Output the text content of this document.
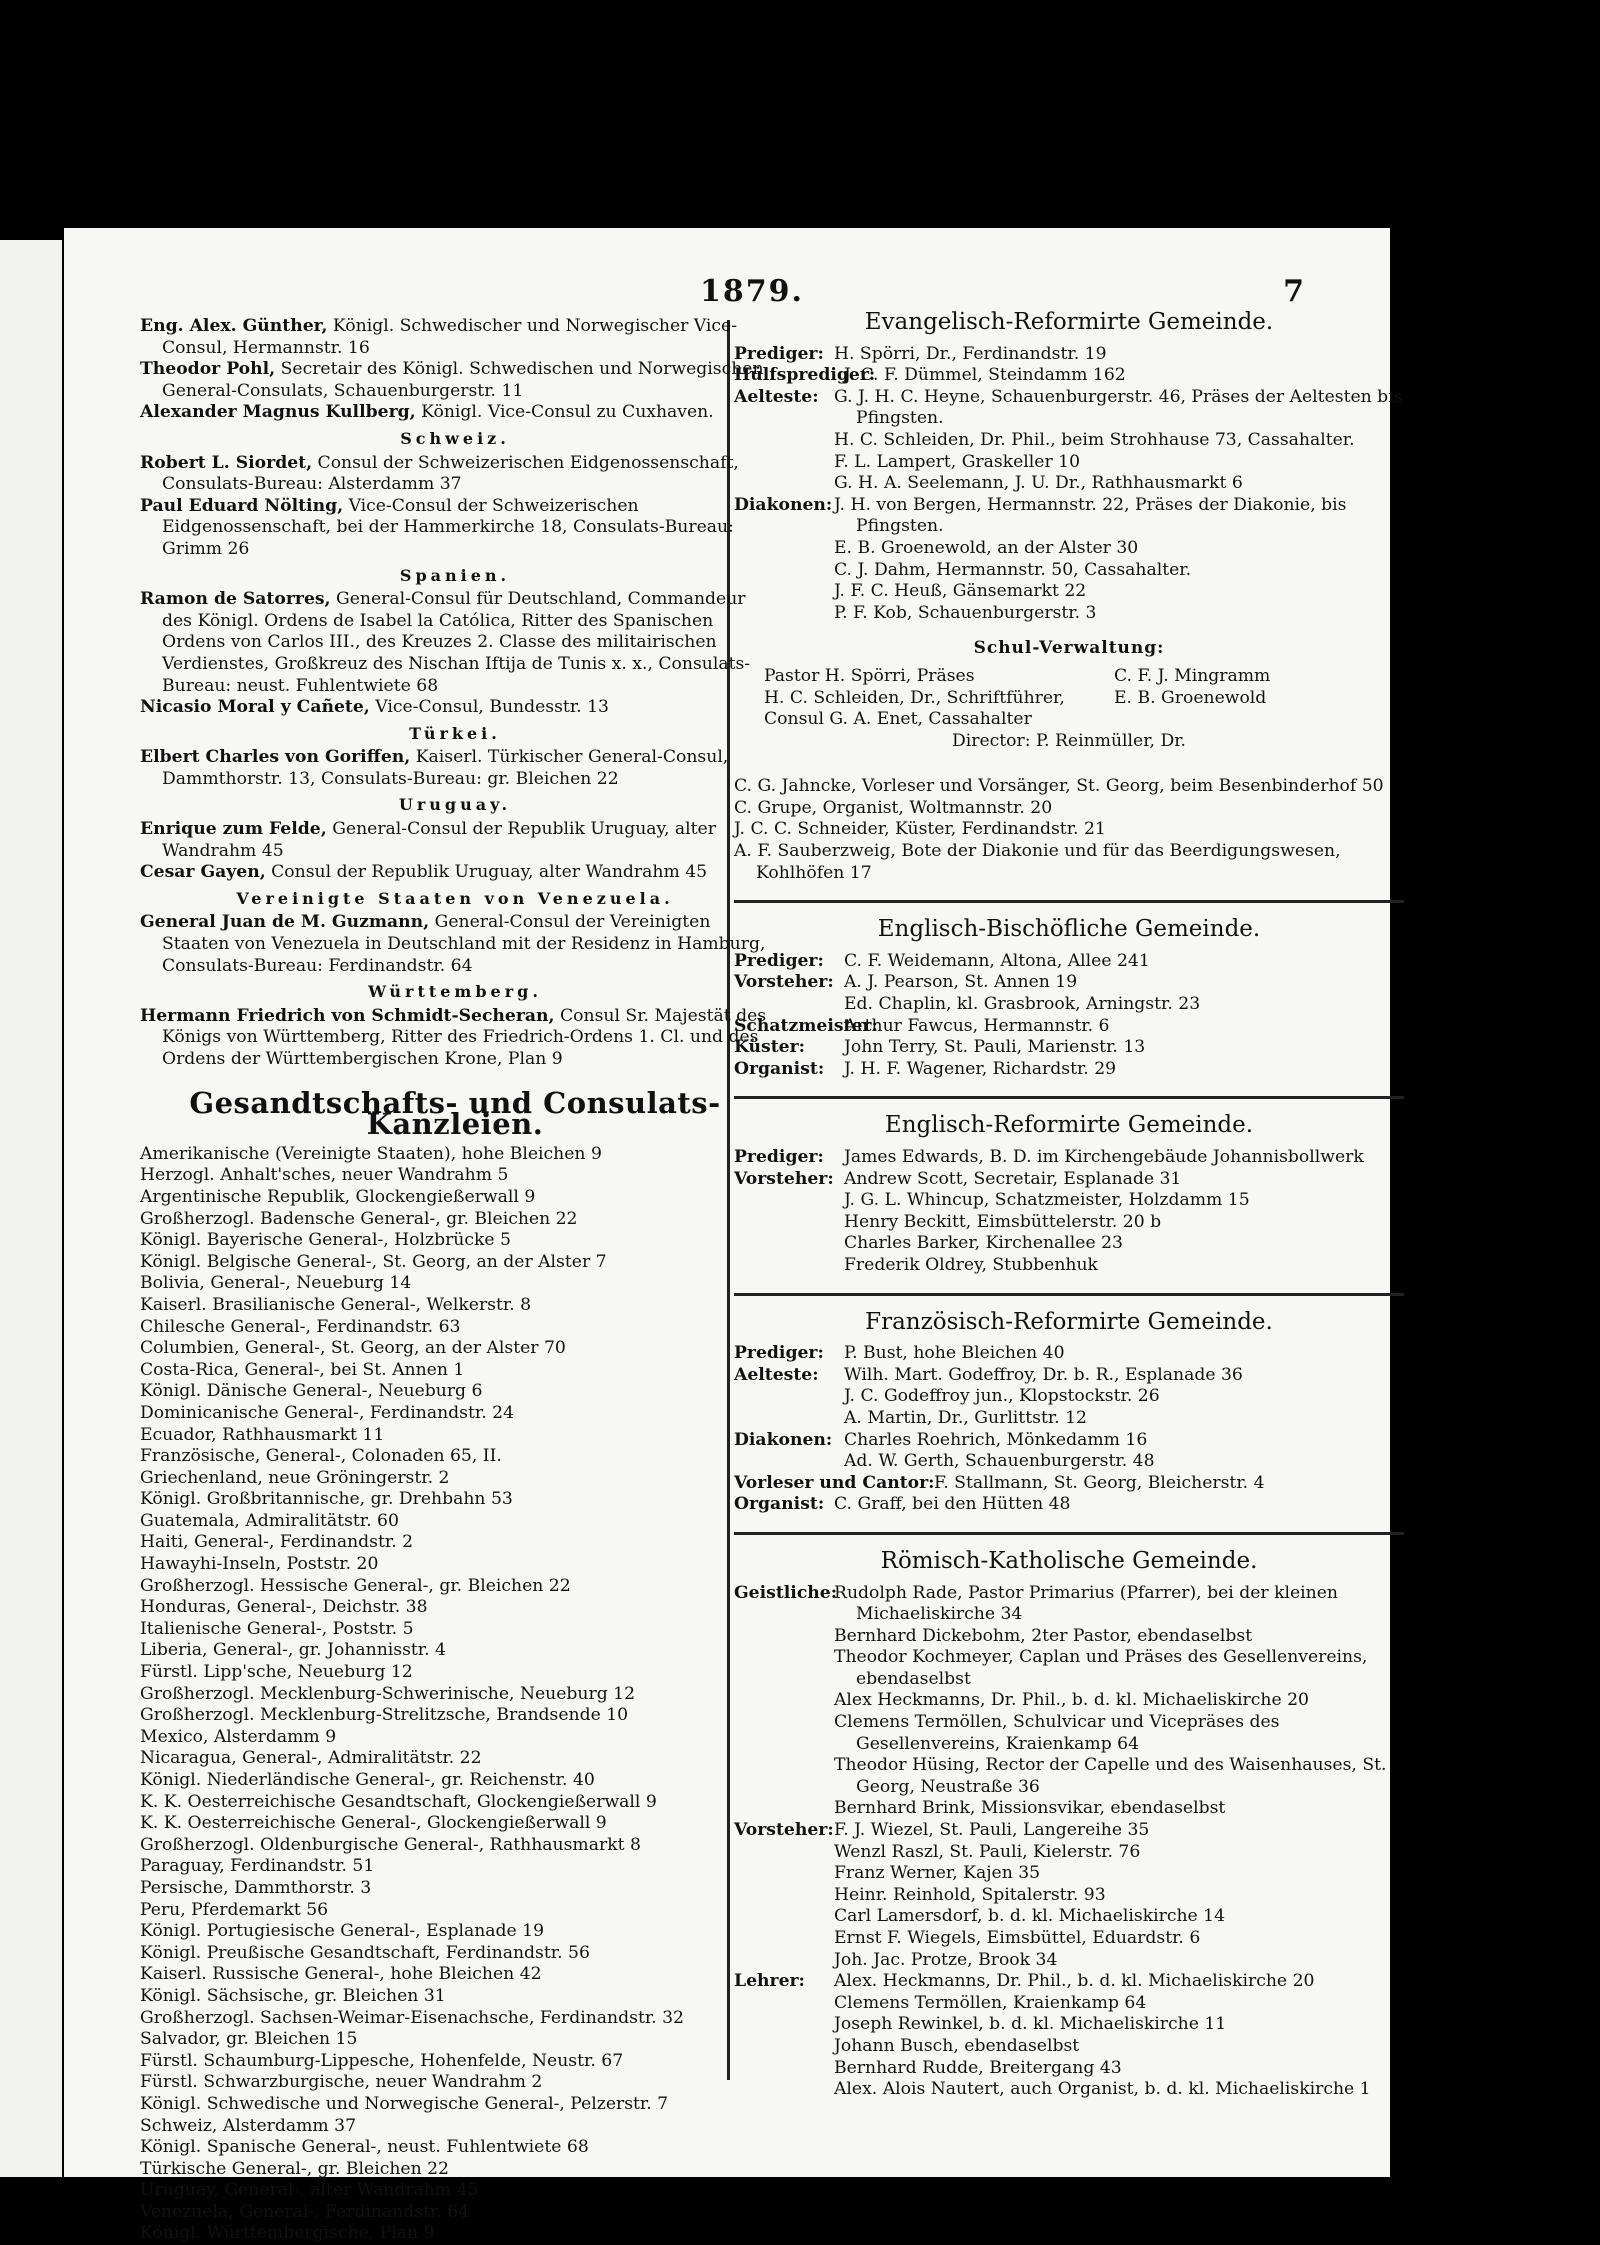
1879.	7

Eng. Alex. Günther, Königl. Schwedischer und Norwegischer Vice-Consul, Hermannstr. 16

Theodor Pohl, Secretair des Königl. Schwedischen und Norwegischen General-Consulats, Schauenburgerstr. 11

Alexander Magnus Kullberg, Königl. Vice-Consul zu Cuxhaven.

Schweiz.

Robert L. Siordet, Consul der Schweizerischen Eidgenossenschaft, Consulats-Bureau: Alsterdamm 37

Paul Eduard Nölting, Vice-Consul der Schweizerischen Eidgenossenschaft, bei der Hammerkirche 18, Consulats-Bureau: Grimm 26

Spanien.

Ramon de Satorres, General-Consul für Deutschland, Commandeur des Königl. Ordens de Isabel la Católica, Ritter des Spanischen Ordens von Carlos III., des Kreuzes 2. Classe des militairischen Verdienstes, Großkreuz des Nischan Iftija de Tunis x. x., Consulats-Bureau: neust. Fuhlentwiete 68

Nicasio Moral y Cañete, Vice-Consul, Bundesstr. 13

Türkei.

Elbert Charles von Goriffen, Kaiserl. Türkischer General-Consul, Dammthorstr. 13, Consulats-Bureau: gr. Bleichen 22

Uruguay.

Enrique zum Felde, General-Consul der Republik Uruguay, alter Wandrahm 45

Cesar Gayen, Consul der Republik Uruguay, alter Wandrahm 45

Vereinigte Staaten von Venezuela.

General Juan de M. Guzmann, General-Consul der Vereinigten Staaten von Venezuela in Deutschland mit der Residenz in Hamburg, Consulats-Bureau: Ferdinandstr. 64

Württemberg.

Hermann Friedrich von Schmidt-Secheran, Consul Sr. Majestät des Königs von Württemberg, Ritter des Friedrich-Ordens 1. Cl. und des Ordens der Württembergischen Krone, Plan 9

Gesandtschafts- und Consulats-Kanzleien.

Amerikanische (Vereinigte Staaten), hohe Bleichen 9

Herzogl. Anhalt'sches, neuer Wandrahm 5

Argentinische Republik, Glockengießerwall 9

Großherzogl. Badensche General-, gr. Bleichen 22

Königl. Bayerische General-, Holzbrücke 5

Königl. Belgische General-, St. Georg, an der Alster 7

Bolivia, General-, Neueburg 14

Kaiserl. Brasilianische General-, Welkerstr. 8

Chilesche General-, Ferdinandstr. 63

Columbien, General-, St. Georg, an der Alster 70

Costa-Rica, General-, bei St. Annen 1

Königl. Dänische General-, Neueburg 6

Dominicanische General-, Ferdinandstr. 24

Ecuador, Rathhausmarkt 11

Französische, General-, Colonaden 65, II.

Griechenland, neue Gröningerstr. 2

Königl. Großbritannische, gr. Drehbahn 53

Guatemala, Admiralitätstr. 60

Haiti, General-, Ferdinandstr. 2

Hawayhi-Inseln, Poststr. 20

Großherzogl. Hessische General-, gr. Bleichen 22

Honduras, General-, Deichstr. 38

Italienische General-, Poststr. 5

Liberia, General-, gr. Johannisstr. 4

Fürstl. Lipp'sche, Neueburg 12

Großherzogl. Mecklenburg-Schwerinische, Neueburg 12

Großherzogl. Mecklenburg-Strelitzsche, Brandsende 10

Mexico, Alsterdamm 9

Nicaragua, General-, Admiralitätstr. 22

Königl. Niederländische General-, gr. Reichenstr. 40

K. K. Oesterreichische Gesandtschaft, Glockengießerwall 9

K. K. Oesterreichische General-, Glockengießerwall 9

Großherzogl. Oldenburgische General-, Rathhausmarkt 8

Paraguay, Ferdinandstr. 51

Persische, Dammthorstr. 3

Peru, Pferdemarkt 56

Königl. Portugiesische General-, Esplanade 19

Königl. Preußische Gesandtschaft, Ferdinandstr. 56

Kaiserl. Russische General-, hohe Bleichen 42

Königl. Sächsische, gr. Bleichen 31

Großherzogl. Sachsen-Weimar-Eisenachsche, Ferdinandstr. 32

Salvador, gr. Bleichen 15

Fürstl. Schaumburg-Lippesche, Hohenfelde, Neustr. 67

Fürstl. Schwarzburgische, neuer Wandrahm 2

Königl. Schwedische und Norwegische General-, Pelzerstr. 7

Schweiz, Alsterdamm 37

Königl. Spanische General-, neust. Fuhlentwiete 68

Türkische General-, gr. Bleichen 22

Uruguay, General-, alter Wandrahm 45

Venezuela, General-, Ferdinandstr. 64

Königl. Württembergische, Plan 9

Evangelisch-Reformirte Gemeinde.
Prediger: H. Spörri, Dr., Ferdinandstr. 19
Hülfsprediger:
J. C. F. Dümmel, Steindamm 162
Aelteste: G. J. H. C. Heyne, Schauenburgerstr. 46, Präses der Aeltesten bis Pfingsten.

H. C. Schleiden, Dr. Phil., beim Strohhause 73, Cassahalter.

F. L. Lampert, Graskeller 10

G. H. A. Seelemann, J. U. Dr., Rathhausmarkt 6

Diakonen: J. H. von Bergen, Hermannstr. 22, Präses der Diakonie, bis Pfingsten.

E. B. Groenewold, an der Alster 30

C. J. Dahm, Hermannstr. 50, Cassahalter.

J. F. C. Heuß, Gänsemarkt 22

P. F. Kob, Schauenburgerstr. 3

Schul-Verwaltung:
Pastor H. Spörri, Präses	C. F. J. Mingramm
H. C. Schleiden, Dr., Schriftführer,	E. B. Groenewold
Consul G. A. Enet, Cassahalter

Director: P. Reinmüller, Dr.

C. G. Jahncke, Vorleser und Vorsänger, St. Georg, beim Besenbinderhof 50

C. Grupe, Organist, Woltmannstr. 20

J. C. C. Schneider, Küster, Ferdinandstr. 21

A. F. Sauberzweig, Bote der Diakonie und für das Beerdigungswesen, Kohlhöfen 17

Englisch-Bischöfliche Gemeinde.
Prediger:	C. F. Weidemann, Altona, Allee 241
Vorsteher: A. J. Pearson, St. Annen 19
Ed. Chaplin, kl. Grasbrook, Arningstr. 23
Schatzmeister:
Arthur Fawcus, Hermannstr. 6
Küster:	John Terry, St. Pauli, Marienstr. 13
Organist:	J. H. F. Wagener, Richardstr. 29
Englisch-Reformirte Gemeinde.
Prediger:	James Edwards, B. D. im Kirchengebäude Johannisbollwerk
Vorsteher: Andrew Scott, Secretair, Esplanade 31
J. G. L. Whincup, Schatzmeister, Holzdamm 15
Henry Beckitt, Eimsbüttelerstr. 20 b
Charles Barker, Kirchenallee 23
Frederik Oldrey, Stubbenhuk
Französisch-Reformirte Gemeinde.
Prediger:	P. Bust, hohe Bleichen 40
Aelteste:	Wilh. Mart. Godeffroy, Dr. b. R., Esplanade 36
J. C. Godeffroy jun., Klopstockstr. 26
A. Martin, Dr., Gurlittstr. 12
Diakonen: Charles Roehrich, Mönkedamm 16
Ad. W. Gerth, Schauenburgerstr. 48
Vorleser und Cantor: F. Stallmann, St. Georg, Bleicherstr. 4
Organist: C. Graff, bei den Hütten 48
Römisch-Katholische Gemeinde.
Geistliche:

Rudolph Rade, Pastor Primarius (Pfarrer), bei der kleinen Michaeliskirche 34

Bernhard Dickebohm, 2ter Pastor, ebendaselbst

Theodor Kochmeyer, Caplan und Präses des Gesellenvereins, ebendaselbst

Alex Heckmanns, Dr. Phil., b. d. kl. Michaeliskirche 20

Clemens Termöllen, Schulvicar und Vicepräses des Gesellenvereins, Kraienkamp 64

Theodor Hüsing, Rector der Capelle und des Waisenhauses, St. Georg, Neustraße 36

Bernhard Brink, Missionsvikar, ebendaselbst

Vorsteher: F. J. Wiezel, St. Pauli, Langereihe 35

Wenzl Raszl, St. Pauli, Kielerstr. 76

Franz Werner, Kajen 35

Heinr. Reinhold, Spitalerstr. 93

Carl Lamersdorf, b. d. kl. Michaeliskirche 14

Ernst F. Wiegels, Eimsbüttel, Eduardstr. 6

Joh. Jac. Protze, Brook 34

Lehrer:	Alex. Heckmanns, Dr. Phil., b. d. kl. Michaeliskirche 20

Clemens Termöllen, Kraienkamp 64

Joseph Rewinkel, b. d. kl. Michaeliskirche 11

Johann Busch, ebendaselbst

Bernhard Rudde, Breitergang 43

Alex. Alois Nautert, auch Organist, b. d. kl. Michaeliskirche 1
